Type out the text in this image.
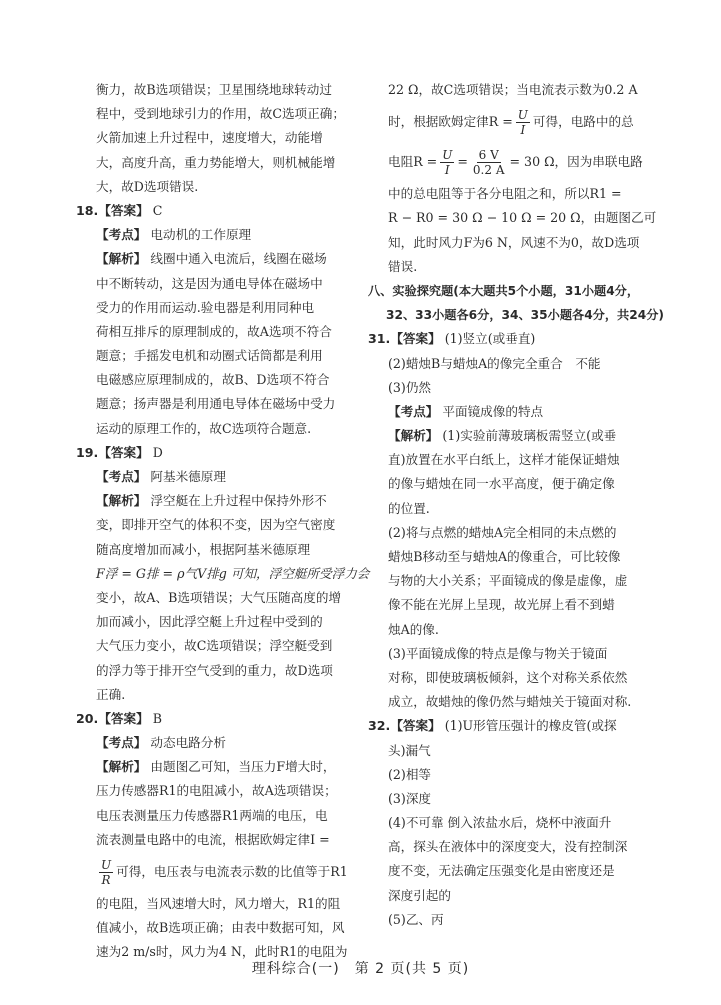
衡力，故B选项错误；卫星围绕地球转动过
程中，受到地球引力的作用，故C选项正确；
火箭加速上升过程中，速度增大，动能增
大，高度升高，重力势能增大，则机械能增
大，故D选项错误.
18.【答案】 C
【考点】 电动机的工作原理
【解析】 线圈中通入电流后，线圈在磁场
中不断转动，这是因为通电导体在磁场中
受力的作用而运动.验电器是利用同种电
荷相互排斥的原理制成的，故A选项不符合
题意；手摇发电机和动圈式话筒都是利用
电磁感应原理制成的，故B、D选项不符合
题意；扬声器是利用通电导体在磁场中受力
运动的原理工作的，故C选项符合题意.
19.【答案】 D
【考点】 阿基米德原理
【解析】 浮空艇在上升过程中保持外形不
变，即排开空气的体积不变，因为空气密度
随高度增加而减小，根据阿基米德原理
F浮 = G排 = ρ气V排g 可知，浮空艇所受浮力会
变小，故A、B选项错误；大气压随高度的增
加而减小，因此浮空艇上升过程中受到的
大气压力变小，故C选项错误；浮空艇受到
的浮力等于排开空气受到的重力，故D选项
正确.
20.【答案】 B
【考点】 动态电路分析
【解析】 由题图乙可知，当压力F增大时，
压力传感器R1的电阻减小，故A选项错误；
电压表测量压力传感器R1两端的电压，电
流表测量电路中的电流，根据欧姆定律I =
$\frac{U}{R}$ 可得，电压表与电流表示数的比值等于R1
的电阻，当风速增大时，风力增大，R1的阻
值减小，故B选项正确；由表中数据可知，风
速为2 m/s时，风力为4 N，此时R1的电阻为
22 Ω，故C选项错误；当电流表示数为0.2 A
时，根据欧姆定律$R = \frac{U}{I}$ 可得，电路中的总
电阻$R = \frac{U}{I} = \frac{6 V}{0.2 A} = 30$ Ω，因为串联电路
中的总电阻等于各分电阻之和，所以R1 =
R − R0 = 30 Ω − 10 Ω = 20 Ω，由题图乙可
知，此时风力F为6 N，风速不为0，故D选项
错误.
八、实验探究题(本大题共5个小题，31小题4分，
32、33小题各6分，34、35小题各4分，共24分)
31.【答案】 (1)竖立(或垂直)
(2)蜡烛B与蜡烛A的像完全重合　不能
(3)仍然
【考点】 平面镜成像的特点
【解析】 (1)实验前薄玻璃板需竖立(或垂
直)放置在水平白纸上，这样才能保证蜡烛
的像与蜡烛在同一水平高度，便于确定像
的位置.
(2)将与点燃的蜡烛A完全相同的未点燃的
蜡烛B移动至与蜡烛A的像重合，可比较像
与物的大小关系；平面镜成的像是虚像，虚
像不能在光屏上呈现，故光屏上看不到蜡
烛A的像.
(3)平面镜成像的特点是像与物关于镜面
对称，即使玻璃板倾斜，这个对称关系依然
成立，故蜡烛的像仍然与蜡烛关于镜面对称.
32.【答案】 (1)U形管压强计的橡皮管(或探
头)漏气
(2)相等
(3)深度
(4)不可靠 倒入浓盐水后，烧杯中液面升
高，探头在液体中的深度变大，没有控制深
度不变，无法确定压强变化是由密度还是
深度引起的
(5)乙、丙
理科综合(一)　第 2 页(共 5 页)
